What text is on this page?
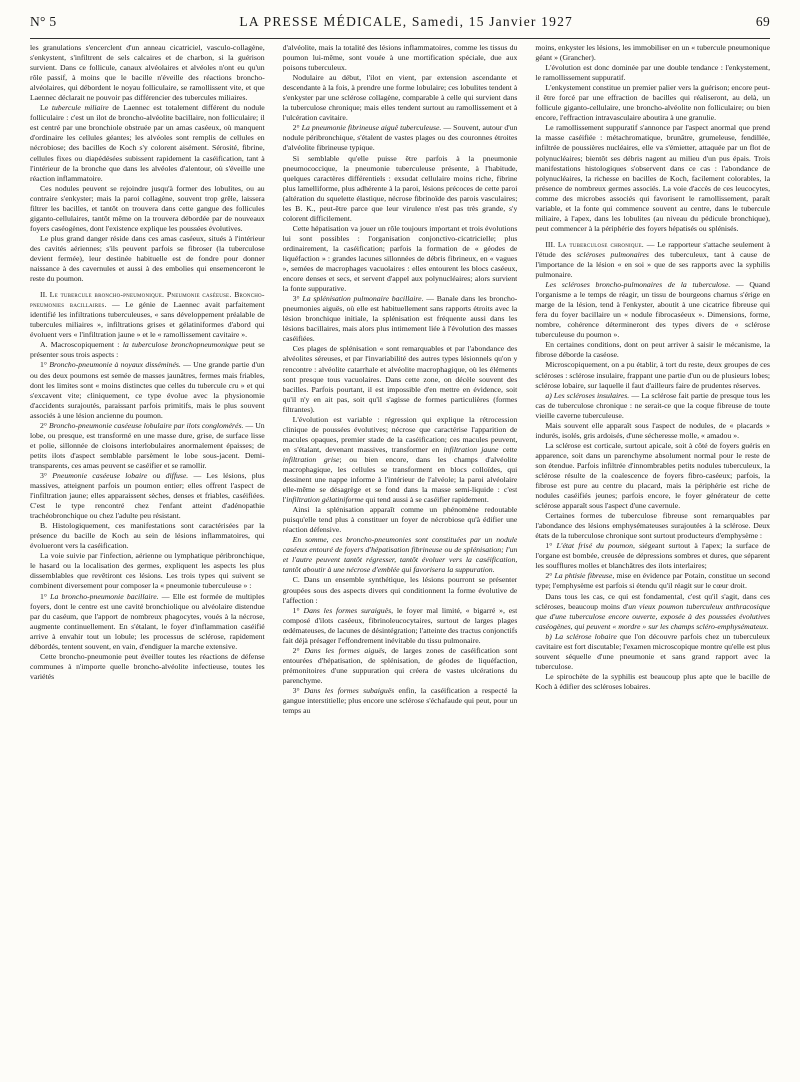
N° 5	LA PRESSE MÉDICALE, Samedi, 15 Janvier 1927	69

les granulations s'encerclent d'un anneau cicatriciel, vasculo-collagène, s'enkystent, s'infiltrent de sels calcaires et de charbon, si la guérison survient. Dans ce follicule, canaux alvéolaires et alvéoles n'ont eu qu'un rôle passif, à moins que le bacille n'éveille des réactions broncho-alvéolaires, qui débordent le noyau folliculaire, se ramollissent vite, et que Laennec déclarait ne pouvoir pas différencier des tubercules miliaires.

Le tubercule miliaire de Laennec est totalement différent du nodule folliculaire : c'est un ilot de broncho-alvéolite bacillaire, non folliculaire; il est centré par une bronchiole obstruée par un amas caséeux, où manquent d'ordinaire les cellules géantes; les alvéoles sont remplis de cellules en nécrobiose; des bacilles de Koch s'y colorent aisément. Sérosité, fibrine, cellules fixes ou diapédésées subissent rapidement la caséification, tant à l'intérieur de la bronche que dans les alvéoles d'alentour, où s'éveille une réaction inflammatoire.

Ces nodules peuvent se rejoindre jusqu'à former des lobulites, ou au contraire s'enkyster; mais la paroi collagène, souvent trop grêle, laissera filtrer les bacilles, et tantôt on trouvera dans cette gangue des follicules giganto-cellulaires, tantôt même on la trouvera débordée par de nouveaux foyers caséogènes, dont l'existence explique les poussées évolutives.

Le plus grand danger réside dans ces amas caséeux, situés à l'intérieur des cavités aériennes; s'ils peuvent parfois se fibroser (la tuberculose devient fermée), leur destinée habituelle est de fondre pour donner naissance à des cavernules et aussi à des embolies qui ensemenceront le reste du poumon.

II. Le tubercule broncho-pneumonique. Pneumonie caséeuse. Broncho-pneumonies bacillaires. — Le génie de Laennec avait parfaitement identifié les infiltrations tuberculeuses, « sans développement préalable de tubercules miliaires », infiltrations grises et gélatiniformes d'abord qui évoluent vers « l'infiltration jaune » et le « ramollissement cavitaire ».

A. Macroscopiquement : la tuberculose bronchopneumonique peut se présenter sous trois aspects :

1° Broncho-pneumonie à noyaux disséminés. — Une grande partie d'un ou des deux poumons est semée de masses jaunâtres, fermes mais friables, dont les limites sont « moins distinctes que celles du tubercule cru » et qui s'excavent vite; cliniquement, ce type évolue avec la physionomie d'accidents surajoutés, paraissant parfois primitifs, mais le plus souvent associés à une lésion ancienne du poumon.

2° Broncho-pneumonie caséeuse lobulaire par ilots conglomérés. — Un lobe, ou presque, est transformé en une masse dure, grise, de surface lisse et polie, sillonnée de cloisons interlobulaires anormalement épaisses; de petits ilots d'aspect semblable parsèment le lobe sous-jacent. Demi-transparents, ces amas peuvent se caséifier et se ramollir.

3° Pneumonie caséeuse lobaire ou diffuse. — Les lésions, plus massives, atteignent parfois un poumon entier; elles offrent l'aspect de l'infiltration jaune; elles apparaissent sèches, denses et friables, caséifiées. C'est le type rencontré chez l'enfant atteint d'adénopathie trachéobronchique ou chez l'adulte peu résistant.

B. Histologiquement, ces manifestations sont caractérisées par la présence du bacille de Koch au sein de lésions inflammatoires, qui évolueront vers la caséification.

La voie suivie par l'infection, aérienne ou lymphatique péribronchique, le hasard ou la localisation des germes, expliquent les aspects les plus dissemblables que revêtiront ces lésions. Les trois types qui suivent se combinent diversement pour composer la « pneumonie tuberculeuse » :

1° La broncho-pneumonie bacillaire. — Elle est formée de multiples foyers, dont le centre est une cavité bronchiolique ou alvéolaire distendue par du caséum, que l'apport de nombreux phagocytes, voués à la nécrose, augmente continuellement. En s'étalant, le foyer d'inflammation caséifié arrive à envahir tout un lobule; les processus de sclérose, rapidement débordés, tentent souvent, en vain, d'endiguer la marche extensive.

Cette broncho-pneumonie peut éveiller toutes les réactions de défense communes à n'importe quelle broncho-alvéolite infectieuse, toutes les variétés

d'alvéolite, mais la totalité des lésions inflammatoires, comme les tissus du poumon lui-même, sont vouée à une mortification spéciale, due aux poisons tuberculeux.

Nodulaire au début, l'ilot en vient, par extension ascendante et descendante à la fois, à prendre une forme lobulaire; ces lobulites tendent à s'enkyster par une sclérose collagène, comparable à celle qui survient dans la tuberculose chronique; mais elles tendent surtout au ramollissement et à l'ulcération cavitaire.

2° La pneumonie fibrineuse aiguë tuberculeuse. — Souvent, autour d'un nodule péribronchique, s'étalent de vastes plages ou des couronnes étroites d'alvéolite fibrineuse typique.

Si semblable qu'elle puisse être parfois à la pneumonie pneumococcique, la pneumonie tuberculeuse présente, à l'habitude, quelques caractères différentiels : exsudat cellulaire moins riche, fibrine plus lamelliforme, plus adhérente à la paroi, lésions précoces de cette paroi (altération du squelette élastique, nécrose fibrinoïde des parois vasculaires; les B. K., peut-être parce que leur virulence n'est pas très grande, s'y colorent difficilement.

Cette hépatisation va jouer un rôle toujours important et trois évolutions lui sont possibles : l'organisation conjonctivo-cicatricielle; plus ordinairement, la caséification; parfois la formation de « géodes de liquéfaction » : grandes lacunes sillonnées de débris fibrineux, en « vagues », semées de macrophages vacuolaires : elles entourent les blocs caséeux, encore denses et secs, et servent d'appel aux polynucléaires; alors survient la fonte suppurative.

3° La splénisation pulmonaire bacillaire. — Banale dans les broncho-pneumonies aiguës, où elle est habituellement sans rapports étroits avec la lésion bronchique initiale, la splénisation est fréquente aussi dans les lésions bacillaires, mais alors plus intimement liée à l'évolution des masses caséifiées.

Ces plages de splénisation « sont remarquables et par l'abondance des alvéolites séreuses, et par l'invariabilité des autres types lésionnels qu'on y rencontre : alvéolite catarrhale et alvéolite macrophagique, où les éléments sont presque tous vacuolaires. Dans cette zone, on décèle souvent des bacilles. Parfois pourtant, il est impossible d'en mettre en évidence, soit qu'il n'y en ait pas, soit qu'il s'agisse de formes particulières (formes filtrantes).

L'évolution est variable : régression qui explique la rétrocession clinique de poussées évolutives; nécrose que caractérise l'apparition de macules opaques, premier stade de la caséification; ces macules peuvent, en s'étalant, devenant massives, transformer en infiltration jaune cette infiltration grise; ou bien encore, dans les champs d'alvéolite macrophagique, les cellules se transforment en blocs colloïdes, qui dessinent une nappe informe à l'intérieur de l'alvéole; la paroi alvéolaire elle-même se désagrège et se fond dans la masse semi-liquide : c'est l'infiltration gélatiniforme qui tend aussi à se caséifier rapidement.

Ainsi la splénisation apparaît comme un phénomène redoutable puisqu'elle tend plus à constituer un foyer de nécrobiose qu'à édifier une réaction défensive.

En somme, ces broncho-pneumonies sont constituées par un nodule caséeux entouré de foyers d'hépatisation fibrineuse ou de splénisation; l'un et l'autre peuvent tantôt régresser, tantôt évoluer vers la caséification, tantôt aboutir à une nécrose d'emblée qui favorisera la suppuration.

C. Dans un ensemble synthétique, les lésions pourront se présenter groupées sous des aspects divers qui conditionnent la forme évolutive de l'affection :

1° Dans les formes suraiguës, le foyer mal limité, « bigarré », est composé d'ilots caséeux, fibrinoleucocytaires, surtout de larges plages œdémateuses, de lacunes de désintégration; l'atteinte des tractus conjonctifs fait déjà présager l'effondrement inévitable du tissu pulmonaire.

2° Dans les formes aiguës, de larges zones de caséification sont entourées d'hépatisation, de splénisation, de géodes de liquéfaction, prémonitoires d'une suppuration qui créera de vastes ulcérations du parenchyme.

3° Dans les formes subaiguës enfin, la caséification a respecté la gangue interstitielle; plus encore une sclérose s'échafaude qui peut, pour un temps au

moins, enkyster les lésions, les immobiliser en un « tubercule pneumonique géant » (Grancher).

L'évolution est donc dominée par une double tendance : l'enkystement, le ramollissement suppuratif.

L'enkystement constitue un premier palier vers la guérison; encore peut-il être forcé par une effraction de bacilles qui réaliseront, au delà, un follicule giganto-cellulaire, une broncho-alvéolite non folliculaire; ou bien encore, l'effraction intravasculaire aboutira à une granulie.

Le ramollissement suppuratif s'annonce par l'aspect anormal que prend la masse caséifiée : métachromatique, brunâtre, grumeleuse, fendillée, infiltrée de poussières nucléaires, elle va s'émietter, attaquée par un flot de polynucléaires; bientôt ses débris nagent au milieu d'un pus épais. Trois manifestations histologiques s'observent dans ce cas : l'abondance de polynucléaires, la richesse en bacilles de Koch, facilement colorables, la présence de nombreux germes associés. La voie d'accès de ces leucocytes, comme des microbes associés qui favorisent le ramollissement, paraît variable, et la fonte qui commence souvent au centre, dans le tubercule miliaire, à l'apex, dans les lobulites (au niveau du pédicule bronchique), peut commencer à la périphérie des foyers hépatisés ou splénisés.

III. La tuberculose chronique. — Le rapporteur s'attache seulement à l'étude des scléroses pulmonaires des tuberculeux, tant à cause de l'importance de la lésion « en soi » que de ses rapports avec la syphilis pulmonaire.

Les scléroses broncho-pulmonaires de la tuberculose. — Quand l'organisme a le temps de réagir, un tissu de bourgeons charnus s'érige en marge de la lésion, tend à l'enkyster, aboutit à une cicatrice fibreuse qui fera du foyer bacillaire un « nodule fibrocaséeux ». Dimensions, forme, nombre, cohérence détermineront des types divers de « sclérose tuberculeuse du poumon ».

En certaines conditions, dont on peut arriver à saisir le mécanisme, la fibrose déborde la caséose.

Microscopiquement, on a pu établir, à tort du reste, deux groupes de ces scléroses : sclérose insulaire, frappant une partie d'un ou de plusieurs lobes; sclérose lobaire, sur laquelle il faut d'ailleurs faire de prudentes réserves.

a) Les scléroses insulaires. — La sclérose fait partie de presque tous les cas de tuberculose chronique : ne serait-ce que la coque fibreuse de toute vieille caverne tuberculeuse.

Mais souvent elle apparaît sous l'aspect de nodules, de « placards » indurés, isolés, gris ardoisés, d'une sécheresse molle, « amadou ».

La sclérose est corticale, surtout apicale, soit à côté de foyers guéris en apparence, soit dans un parenchyme absolument normal pour le reste de son étendue. Parfois infiltrée d'innombrables petits nodules tuberculeux, la sclérose résulte de la coalescence de foyers fibro-caséeux; parfois, la fibrose est pure au centre du placard, mais la périphérie est riche de nodules caséifiés jeunes; parfois encore, le foyer générateur de cette sclérose apparaît sous l'aspect d'une cavernule.

Certaines formes de tuberculose fibreuse sont remarquables par l'abondance des lésions emphysémateuses surajoutées à la sclérose. Deux états de la tuberculose chronique sont surtout producteurs d'emphysème :

1° L'état frisé du poumon, siégeant surtout à l'apex; la surface de l'organe est bombée, creusée de dépressions sombres et dures, que séparent les soufflures molles et blanchâtres des ilots interlaires;

2° La phtisie fibreuse, mise en évidence par Potain, constitue un second type; l'emphysème est parfois si étendu qu'il réagit sur le cœur droit.

Dans tous les cas, ce qui est fondamental, c'est qu'il s'agit, dans ces scléroses, beaucoup moins d'un vieux poumon tuberculeux anthracosique que d'une tuberculose encore ouverte, exposée à des poussées évolutives caséogènes, qui peuvent « mordre » sur les champs scléro-emphysémateux.

b) La sclérose lobaire que l'on découvre parfois chez un tuberculeux cavitaire est fort discutable; l'examen microscopique montre qu'elle est plus souvent séquelle d'une pneumonie et sans grand rapport avec la tuberculose.

Le spirochète de la syphilis est beaucoup plus apte que le bacille de Koch à édifier des scléroses lobaires.
